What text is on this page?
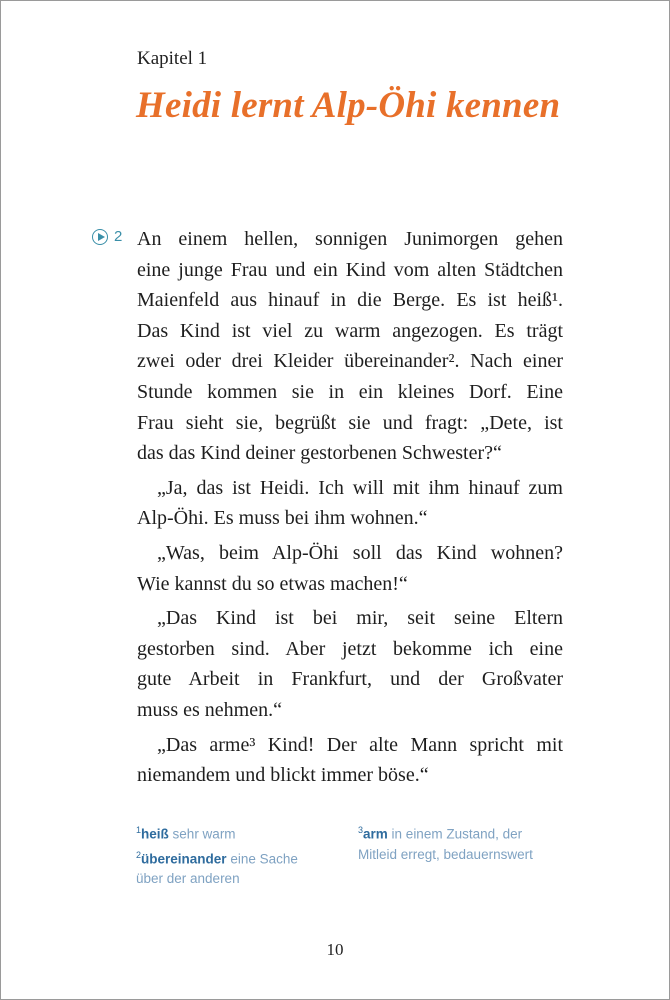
Kapitel 1
Heidi lernt Alp-Öhi kennen
2 An einem hellen, sonnigen Junimorgen gehen
eine junge Frau und ein Kind vom alten Städtchen
Maienfeld aus hinauf in die Berge. Es ist heiß¹.
Das Kind ist viel zu warm angezogen. Es trägt
zwei oder drei Kleider übereinander². Nach einer
Stunde kommen sie in ein kleines Dorf. Eine
Frau sieht sie, begrüßt sie und fragt: „Dete, ist
das das Kind deiner gestorbenen Schwester?“
„Ja, das ist Heidi. Ich will mit ihm hinauf zum
Alp-Öhi. Es muss bei ihm wohnen.“
„Was, beim Alp-Öhi soll das Kind wohnen?
Wie kannst du so etwas machen!“
„Das Kind ist bei mir, seit seine Eltern
gestorben sind. Aber jetzt bekomme ich eine
gute Arbeit in Frankfurt, und der Großvater
muss es nehmen.“
„Das arme³ Kind! Der alte Mann spricht mit
niemandem und blickt immer böse.“
$^1$heiß sehr warm
$^2$übereinander eine Sache über der anderen
$^3$arm in einem Zustand, der Mitleid erregt, bedauernswert
10
